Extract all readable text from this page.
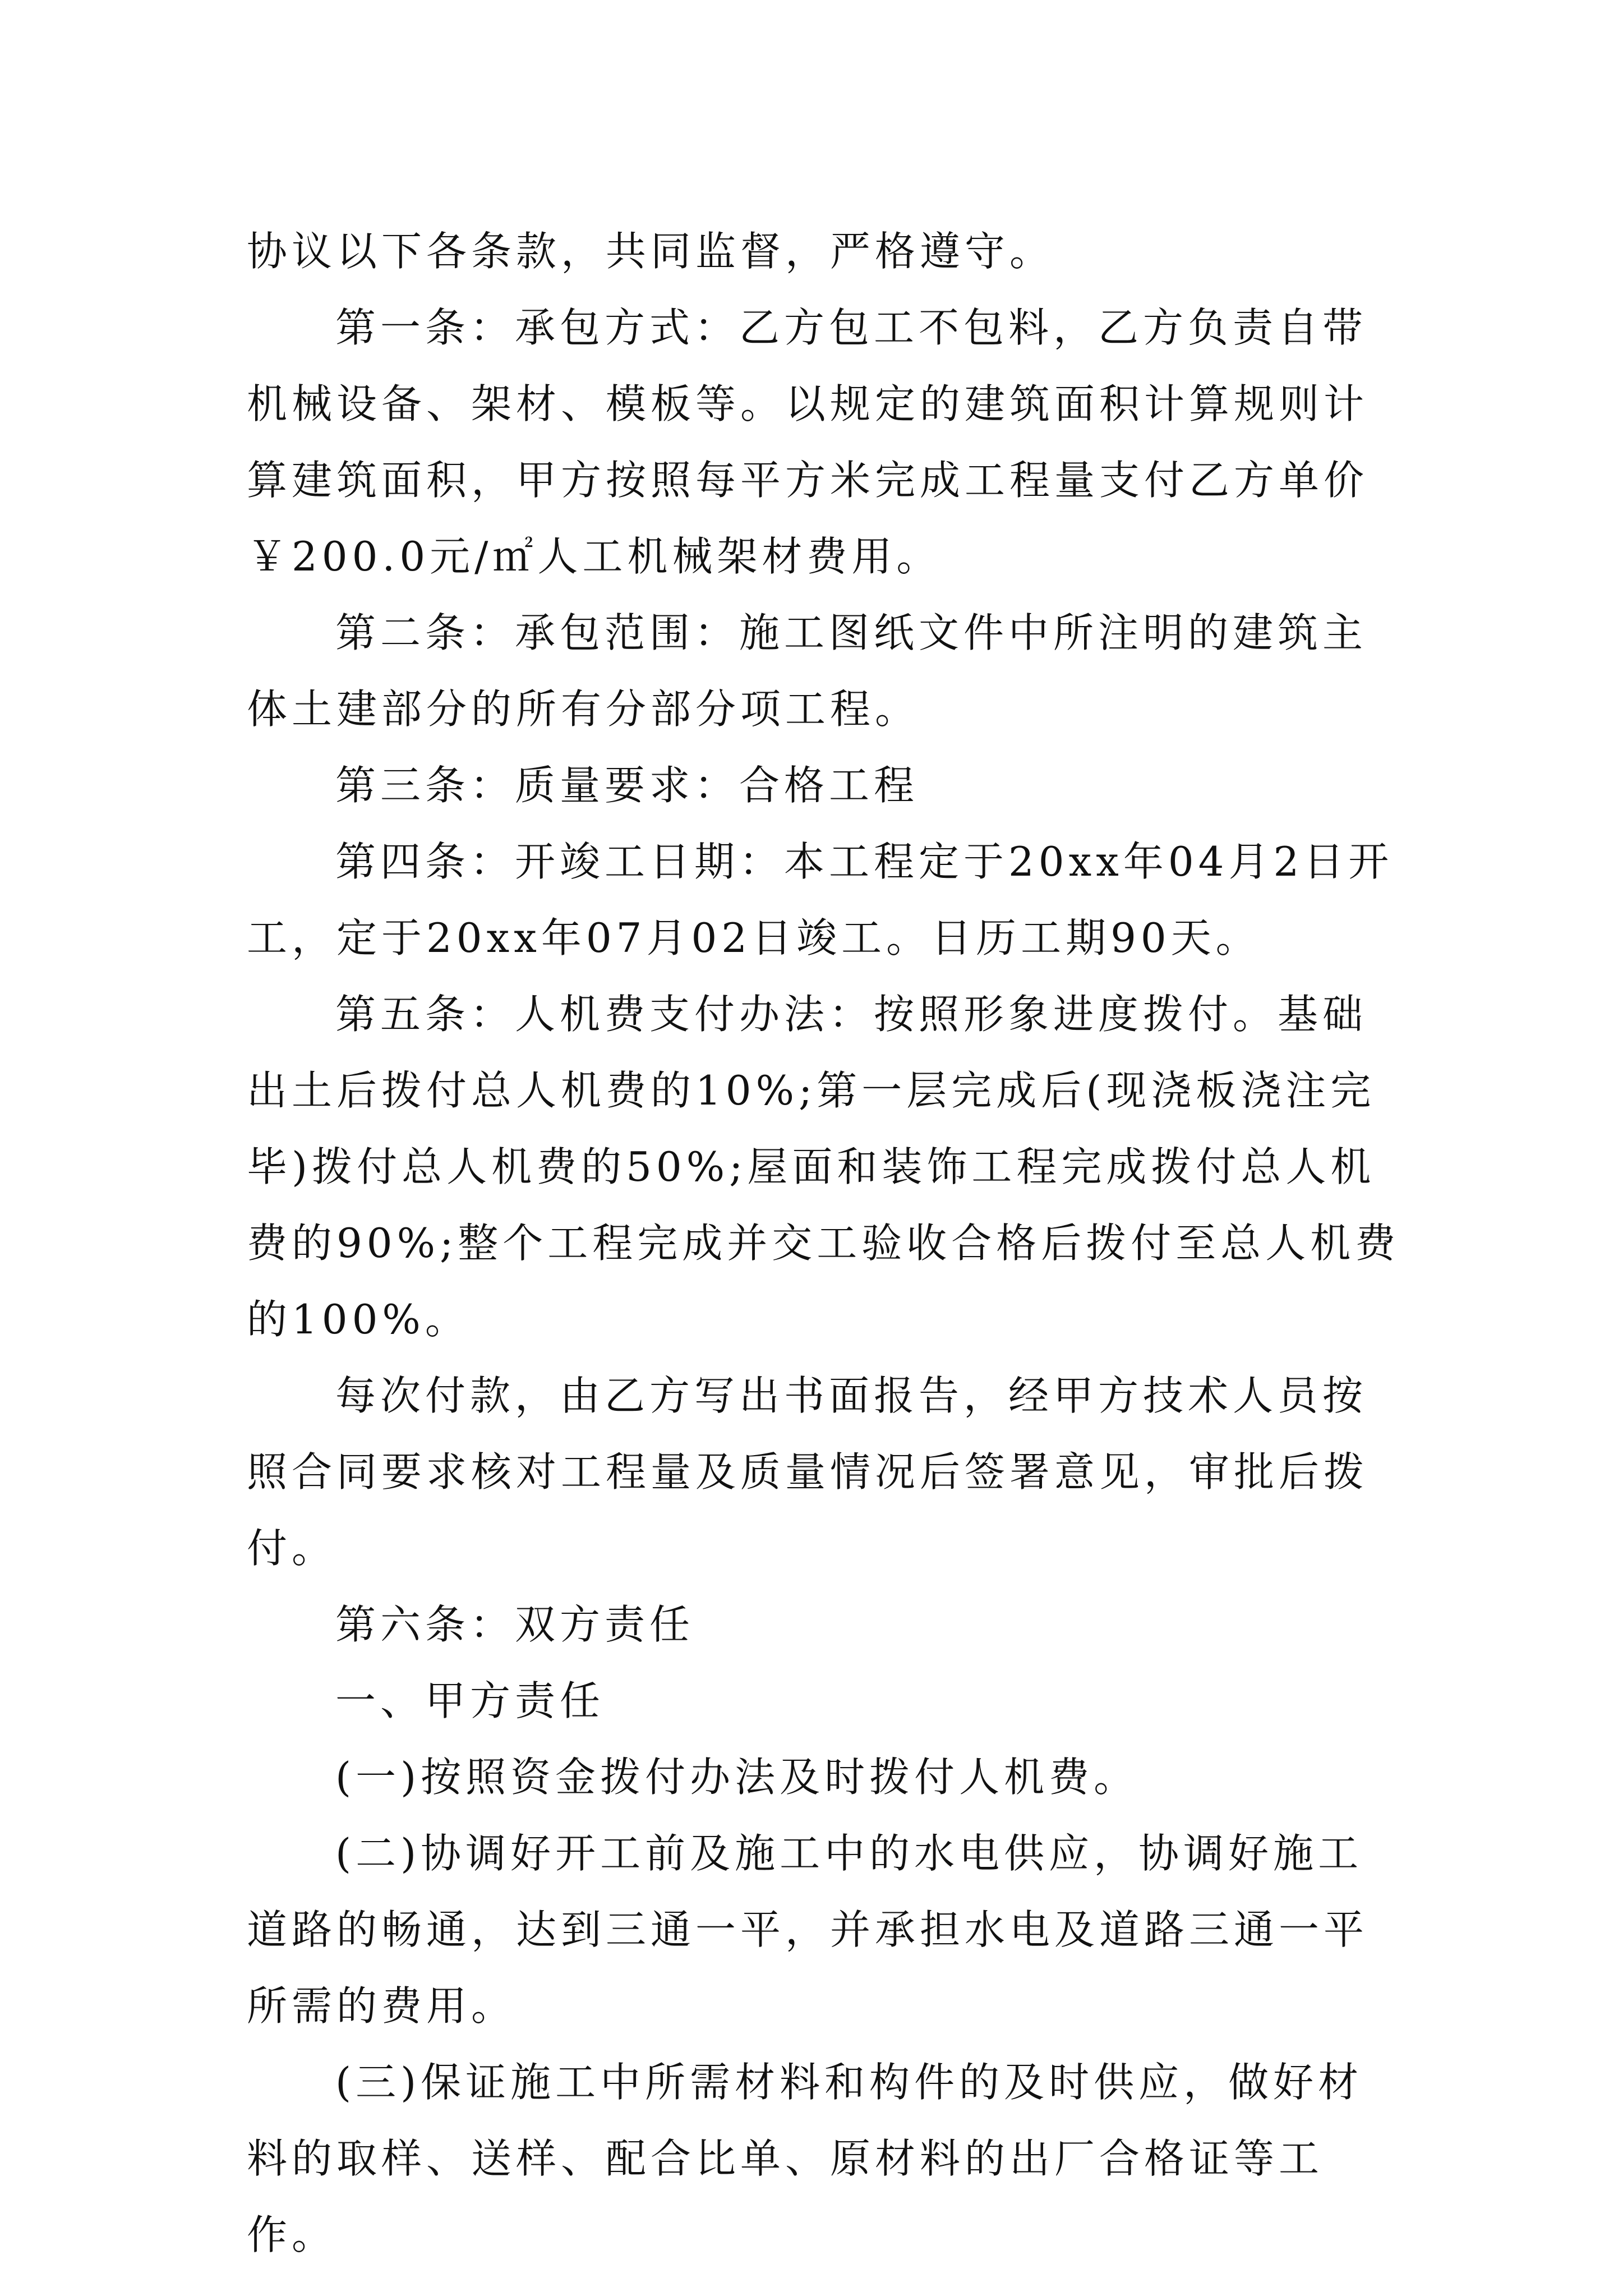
协议以下各条款，共同监督，严格遵守。

第一条：承包方式：乙方包工不包料，乙方负责自带机械设备、架材、模板等。以规定的建筑面积计算规则计算建筑面积，甲方按照每平方米完成工程量支付乙方单价￥200.0元/㎡人工机械架材费用。

第二条：承包范围：施工图纸文件中所注明的建筑主体土建部分的所有分部分项工程。

第三条：质量要求：合格工程

第四条：开竣工日期：本工程定于20xx年04月2日开工，定于20xx年07月02日竣工。日历工期90天。

第五条：人机费支付办法：按照形象进度拨付。基础出土后拨付总人机费的10%;第一层完成后(现浇板浇注完毕)拨付总人机费的50%;屋面和装饰工程完成拨付总人机费的90%;整个工程完成并交工验收合格后拨付至总人机费的100%。

每次付款，由乙方写出书面报告，经甲方技术人员按照合同要求核对工程量及质量情况后签署意见，审批后拨付。

第六条：双方责任

一、甲方责任

(一)按照资金拨付办法及时拨付人机费。

(二)协调好开工前及施工中的水电供应，协调好施工道路的畅通，达到三通一平，并承担水电及道路三通一平所需的费用。

(三)保证施工中所需材料和构件的及时供应，做好材料的取样、送样、配合比单、原材料的出厂合格证等工作。
